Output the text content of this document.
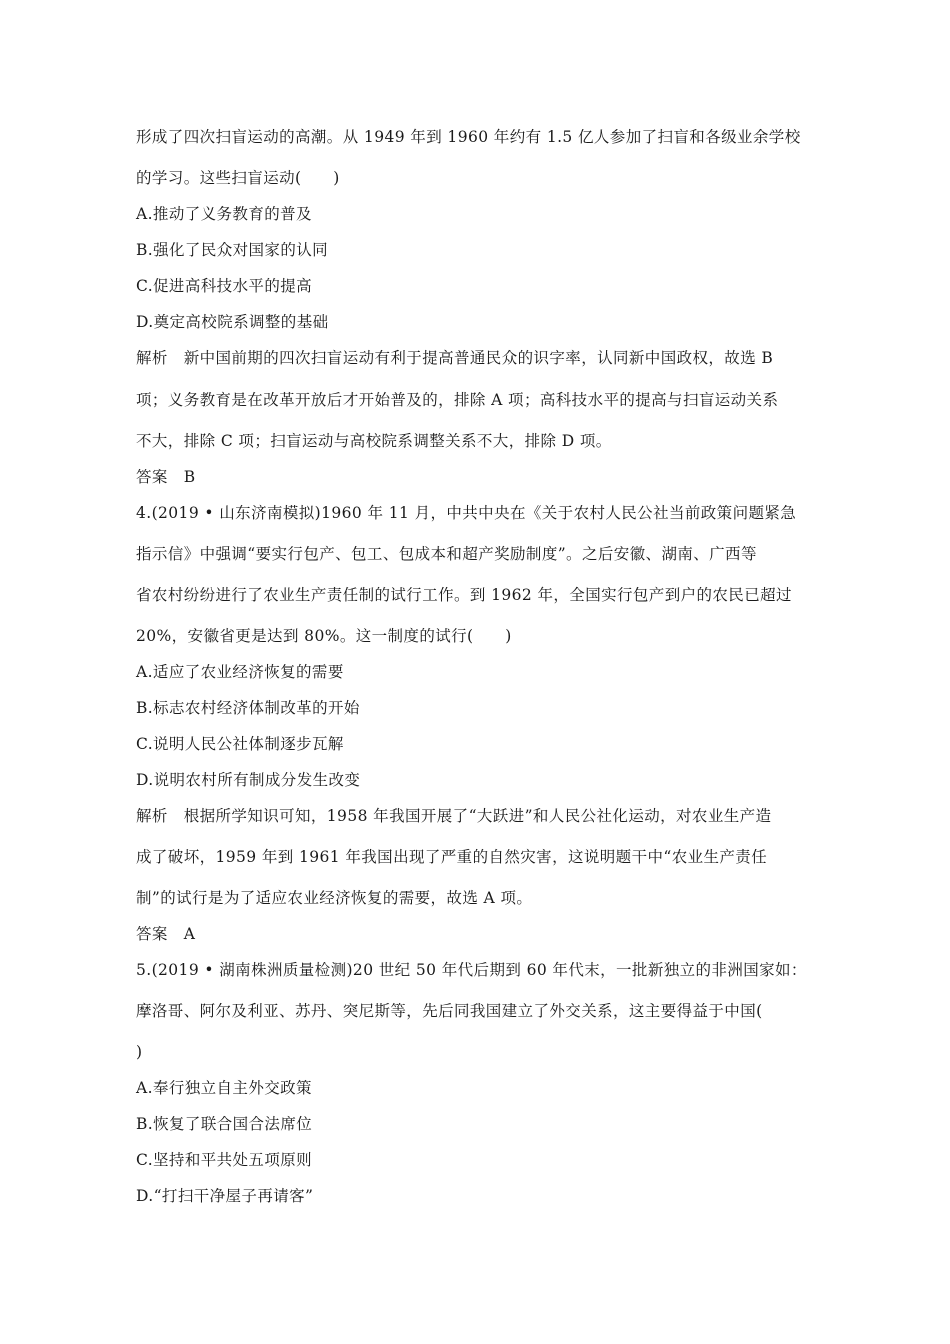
形成了四次扫盲运动的高潮。从 1949 年到 1960 年约有 1.5 亿人参加了扫盲和各级业余学校
的学习。这些扫盲运动(　　)
A.推动了义务教育的普及
B.强化了民众对国家的认同
C.促进高科技水平的提高
D.奠定高校院系调整的基础
解析　新中国前期的四次扫盲运动有利于提高普通民众的识字率，认同新中国政权，故选 B
项；义务教育是在改革开放后才开始普及的，排除 A 项；高科技水平的提高与扫盲运动关系
不大，排除 C 项；扫盲运动与高校院系调整关系不大，排除 D 项。
答案　B
4.(2019 • 山东济南模拟)1960 年 11 月，中共中央在《关于农村人民公社当前政策问题紧急
指示信》中强调“要实行包产、包工、包成本和超产奖励制度”。之后安徽、湖南、广西等
省农村纷纷进行了农业生产责任制的试行工作。到 1962 年，全国实行包产到户的农民已超过
20%，安徽省更是达到 80%。这一制度的试行(　　)
A.适应了农业经济恢复的需要
B.标志农村经济体制改革的开始
C.说明人民公社体制逐步瓦解
D.说明农村所有制成分发生改变
解析　根据所学知识可知，1958 年我国开展了“大跃进”和人民公社化运动，对农业生产造
成了破坏，1959 年到 1961 年我国出现了严重的自然灾害，这说明题干中“农业生产责任
制”的试行是为了适应农业经济恢复的需要，故选 A 项。
答案　A
5.(2019 • 湖南株洲质量检测)20 世纪 50 年代后期到 60 年代末，一批新独立的非洲国家如：
摩洛哥、阿尔及利亚、苏丹、突尼斯等，先后同我国建立了外交关系，这主要得益于中国(
)
A.奉行独立自主外交政策
B.恢复了联合国合法席位
C.坚持和平共处五项原则
D.“打扫干净屋子再请客”
